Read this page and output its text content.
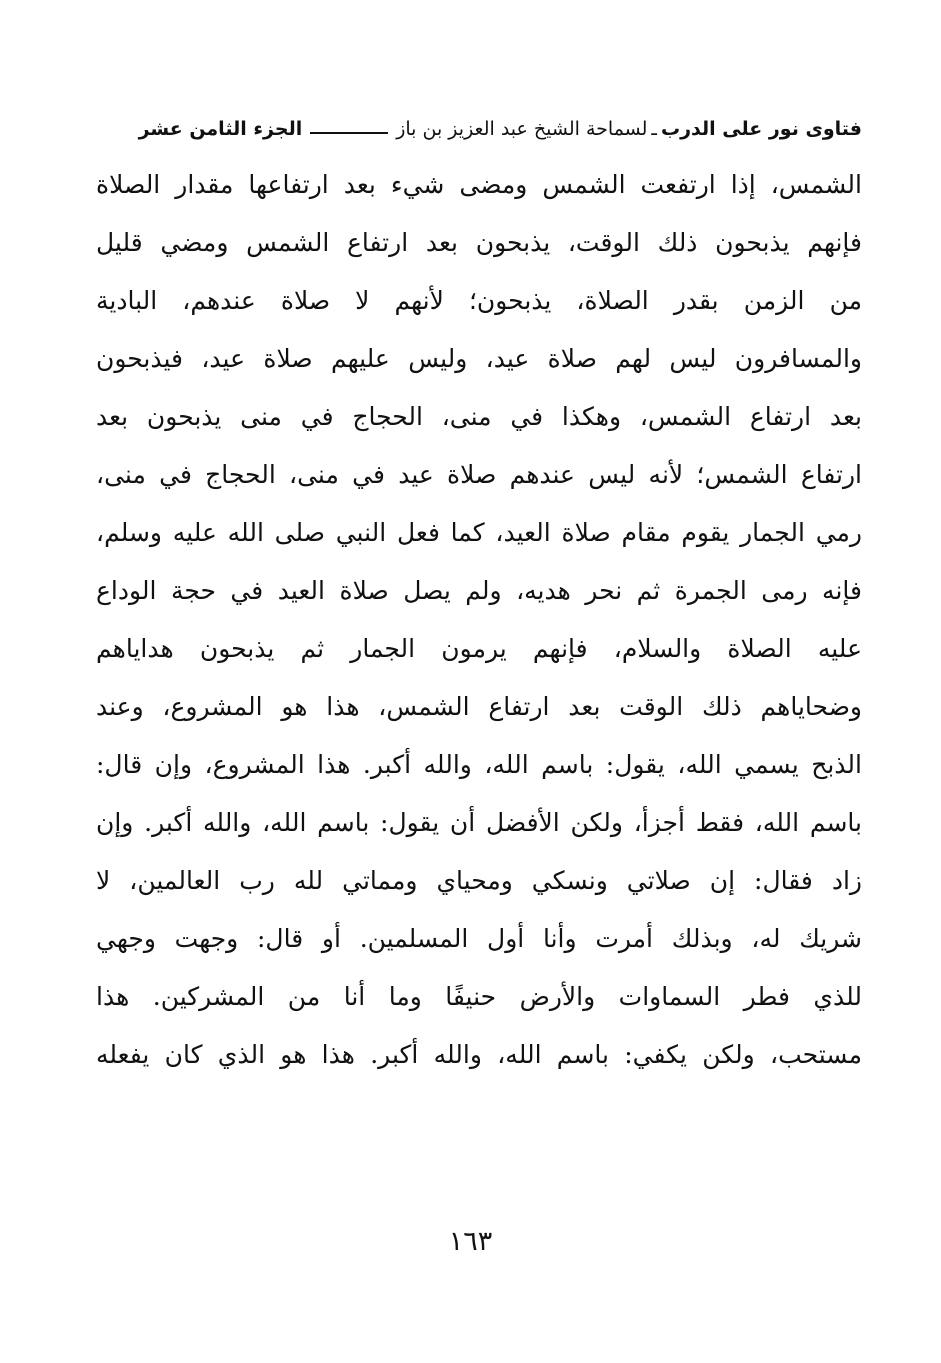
فتاوى نور على الدرب
ـ
لسماحة الشيخ عبد العزيز بن باز
الجزء الثامن عشر
الشمس، إذا ارتفعت الشمس ومضى شيء بعد ارتفاعها مقدار الصلاة
فإنهم يذبحون ذلك الوقت، يذبحون بعد ارتفاع الشمس ومضي قليل
من الزمن بقدر الصلاة، يذبحون؛ لأنهم لا صلاة عندهم، البادية
والمسافرون ليس لهم صلاة عيد، وليس عليهم صلاة عيد، فيذبحون
بعد ارتفاع الشمس، وهكذا في منى، الحجاج في منى يذبحون بعد
ارتفاع الشمس؛ لأنه ليس عندهم صلاة عيد في منى، الحجاج في منى،
رمي الجمار يقوم مقام صلاة العيد، كما فعل النبي صلى الله عليه وسلم،
فإنه رمى الجمرة ثم نحر هديه، ولم يصل صلاة العيد في حجة الوداع
عليه الصلاة والسلام، فإنهم يرمون الجمار ثم يذبحون هداياهم
وضحاياهم ذلك الوقت بعد ارتفاع الشمس، هذا هو المشروع، وعند
الذبح يسمي الله، يقول: باسم الله، والله أكبر. هذا المشروع، وإن قال:
باسم الله، فقط أجزأ، ولكن الأفضل أن يقول: باسم الله، والله أكبر. وإن
زاد فقال: إن صلاتي ونسكي ومحياي ومماتي لله رب العالمين، لا
شريك له، وبذلك أمرت وأنا أول المسلمين. أو قال: وجهت وجهي
للذي فطر السماوات والأرض حنيفًا وما أنا من المشركين. هذا
مستحب، ولكن يكفي: باسم الله، والله أكبر. هذا هو الذي كان يفعله
١٦٣
